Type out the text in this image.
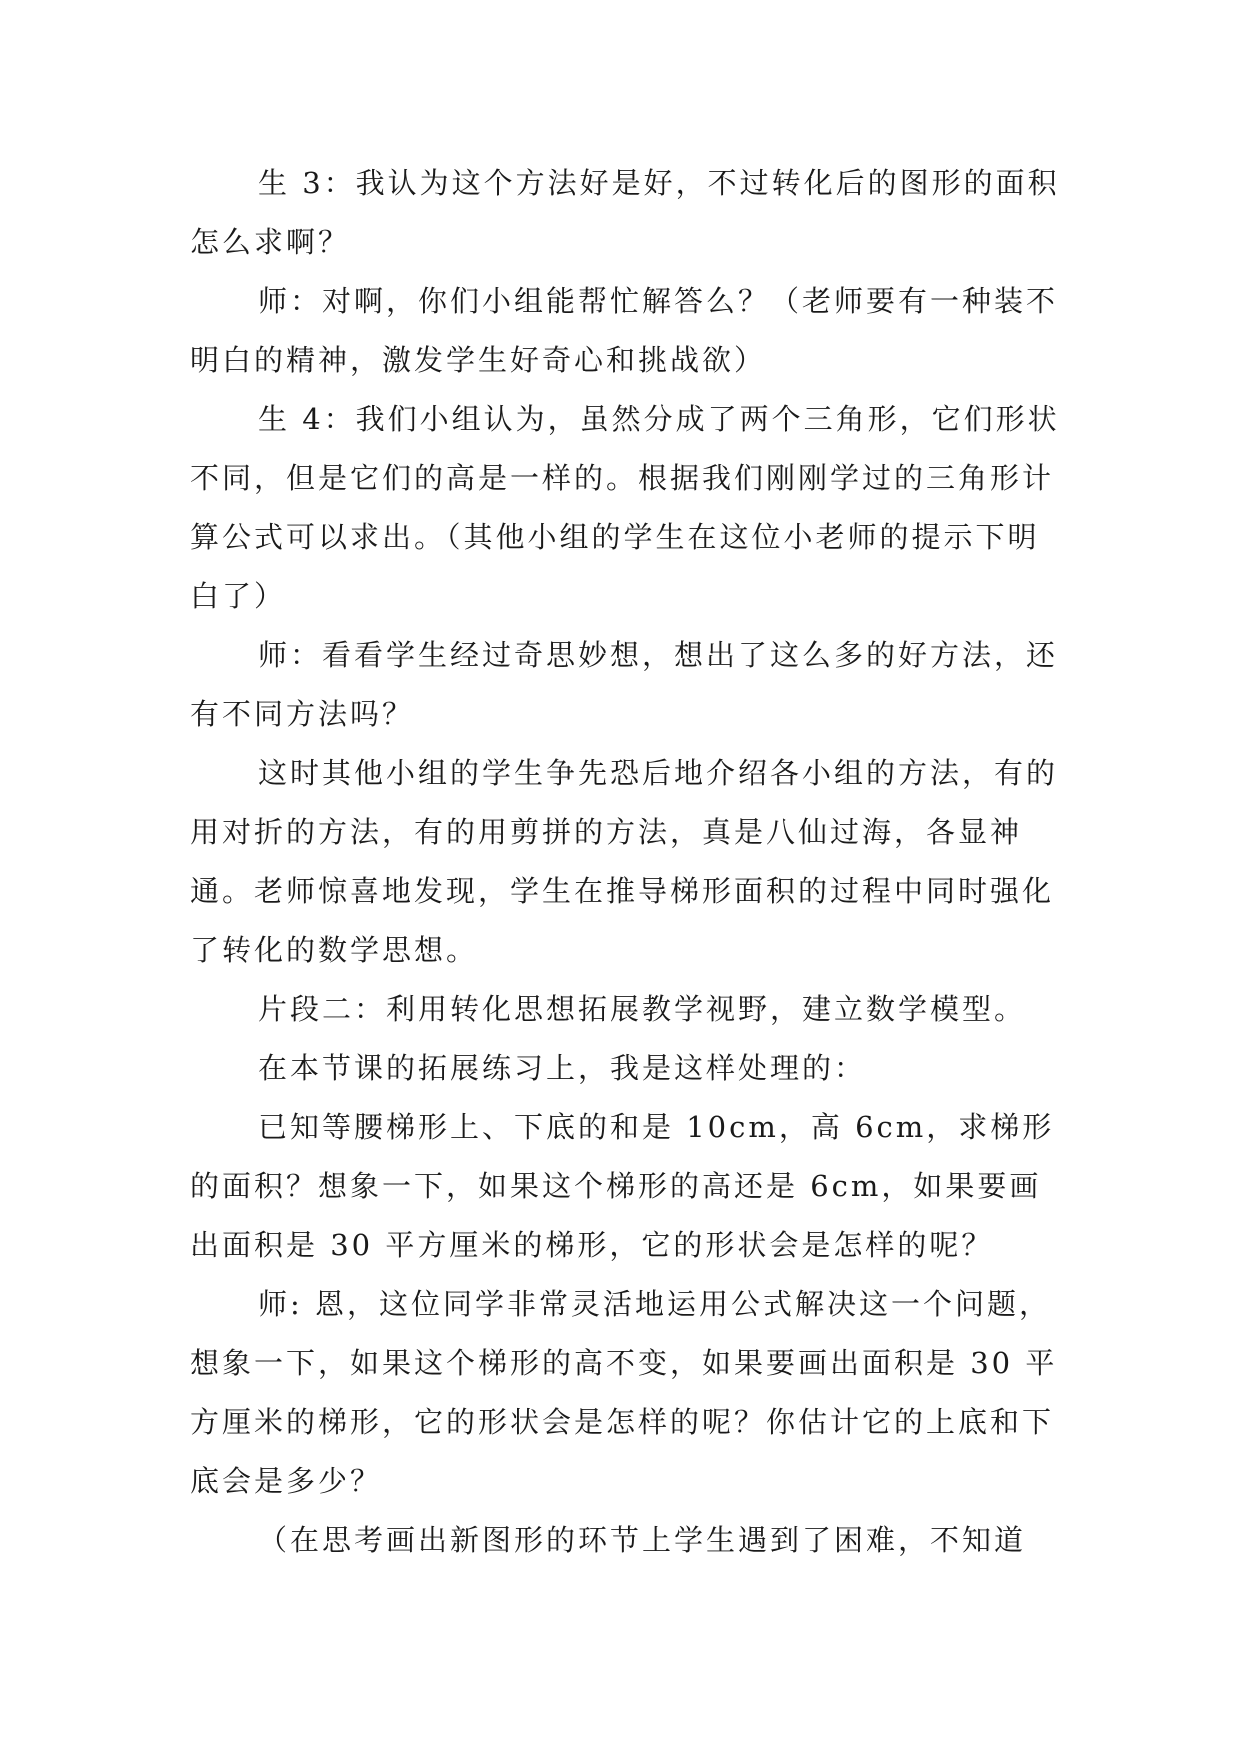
生 3：我认为这个方法好是好，不过转化后的图形的面积怎么求啊？

师：对啊，你们小组能帮忙解答么？（老师要有一种装不明白的精神，激发学生好奇心和挑战欲）

生 4：我们小组认为，虽然分成了两个三角形，它们形状不同，但是它们的高是一样的。根据我们刚刚学过的三角形计算公式可以求出。（其他小组的学生在这位小老师的提示下明白了）

师：看看学生经过奇思妙想，想出了这么多的好方法，还有不同方法吗？

这时其他小组的学生争先恐后地介绍各小组的方法，有的用对折的方法，有的用剪拼的方法，真是八仙过海，各显神通。老师惊喜地发现，学生在推导梯形面积的过程中同时强化了转化的数学思想。

片段二：利用转化思想拓展教学视野，建立数学模型。

在本节课的拓展练习上，我是这样处理的：

已知等腰梯形上、下底的和是 10cm，高 6cm，求梯形的面积？想象一下，如果这个梯形的高还是 6cm，如果要画出面积是 30 平方厘米的梯形，它的形状会是怎样的呢？

师: 恩，这位同学非常灵活地运用公式解决这一个问题，想象一下，如果这个梯形的高不变，如果要画出面积是 30 平方厘米的梯形，它的形状会是怎样的呢？你估计它的上底和下底会是多少？

（在思考画出新图形的环节上学生遇到了困难，不知道
